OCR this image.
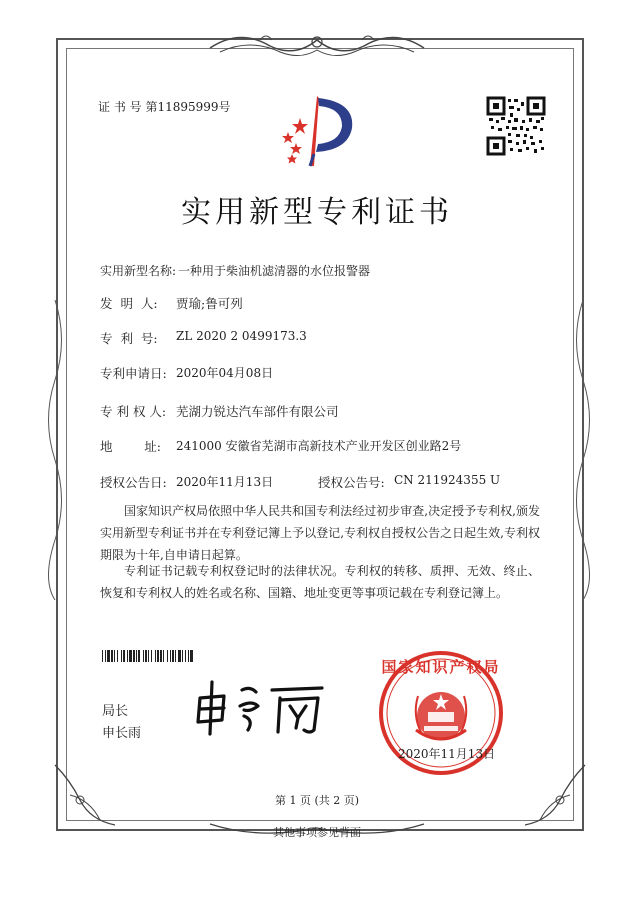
证 书 号 第11895999号
实用新型专利证书
实用新型名称: 一种用于柴油机滤清器的水位报警器
发  明  人: 贾瑜;鲁可列
专  利  号: ZL 2020 2 0499173.3
专利申请日: 2020年04月08日
专 利 权 人: 芜湖力锐达汽车部件有限公司
地        址: 241000 安徽省芜湖市高新技术产业开发区创业路2号
授权公告日: 2020年11月13日	授权公告号: CN 211924355 U
国家知识产权局依照中华人民共和国专利法经过初步审查,决定授予专利权,颁发实用新型专利证书并在专利登记簿上予以登记,专利权自授权公告之日起生效,专利权期限为十年,自申请日起算。
专利证书记载专利权登记时的法律状况。专利权的转移、质押、无效、终止、恢复和专利权人的姓名或名称、国籍、地址变更等事项记载在专利登记簿上。
局长
申长雨
国家知识产权局
2020年11月13日
第 1 页 (共 2 页)
其他事项参见背面
